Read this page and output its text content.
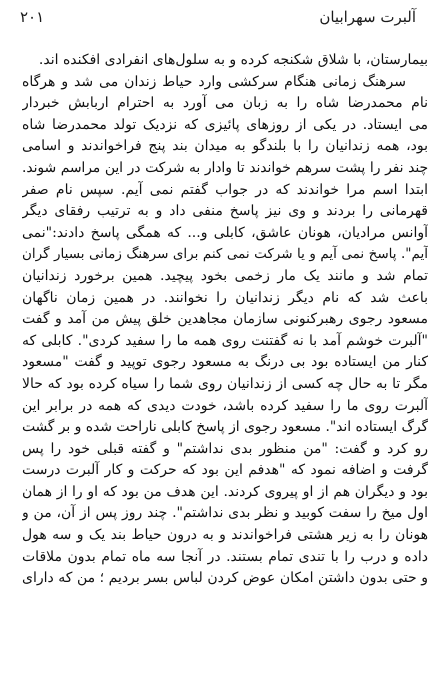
آلبرت سهرابیان
۲۰۱
بیمارستان، با شلاق شکنجه کرده و به سلول‌های انفرادی افکنده اند.
سرهنگ زمانی هنگام سرکشی وارد حیاط زندان می شد و هرگاه
نام محمدرضا شاه را به زبان می آورد به احترام اربابش خبردار
می ایستاد. در یکی از روزهای پائیزی که نزدیک تولد محمدرضا شاه
بود، همه زندانیان را با بلندگو به میدان بند پنج فراخواندند و اسامی
چند نفر را پشت سرهم خواندند تا وادار به شرکت در این مراسم شوند.
ابتدا اسم مرا خواندند که در جواب گفتم نمی آیم. سپس نام صفر
قهرمانی را بردند و وی نیز پاسخ منفی داد و به ترتیب رفقای دیگر
آوانس مرادیان، هونان عاشق، کابلی و... که همگی پاسخ دادند:"نمی
آیم". پاسخ نمی آیم و یا شرکت نمی کنم برای سرهنگ زمانی بسیار گران
تمام شد و مانند یک مار زخمی بخود پیچید. همین برخورد زندانیان
باعث شد که نام دیگر زندانیان را نخوانند. در همین زمان ناگهان
مسعود رجوی رهبرکنونی سازمان مجاهدین خلق پیش من آمد و گفت
"آلبرت خوشم آمد با نه گفتنت روی همه ما را سفید کردی". کابلی که
کنار من ایستاده بود بی درنگ به مسعود رجوی توپید و گفت "مسعود
مگر تا به حال چه کسی از زندانیان روی شما را سیاه کرده بود که حالا
آلبرت روی ما را سفید کرده باشد، خودت دیدی که همه در برابر این
گرگ ایستاده اند". مسعود رجوی از پاسخ کابلی ناراحت شده و بر گشت
رو کرد و گفت: "من منظور بدی نداشتم" و گفته قبلی خود را پس
گرفت و اضافه نمود که "هدفم این بود که حرکت و کار آلبرت درست
بود و دیگران هم از او پیروی کردند. این هدف من بود که او را از همان
اول میخ را سفت کوبید و نظر بدی نداشتم". چند روز پس از آن، من و
هونان را به زیر هشتی فراخواندند و به درون حیاط بند یک و سه هول
داده و درب را با تندی تمام بستند. در آنجا سه ماه تمام بدون ملاقات
و حتی بدون داشتن امکان عوض کردن لباس بسر بردیم ؛ من که دارای
